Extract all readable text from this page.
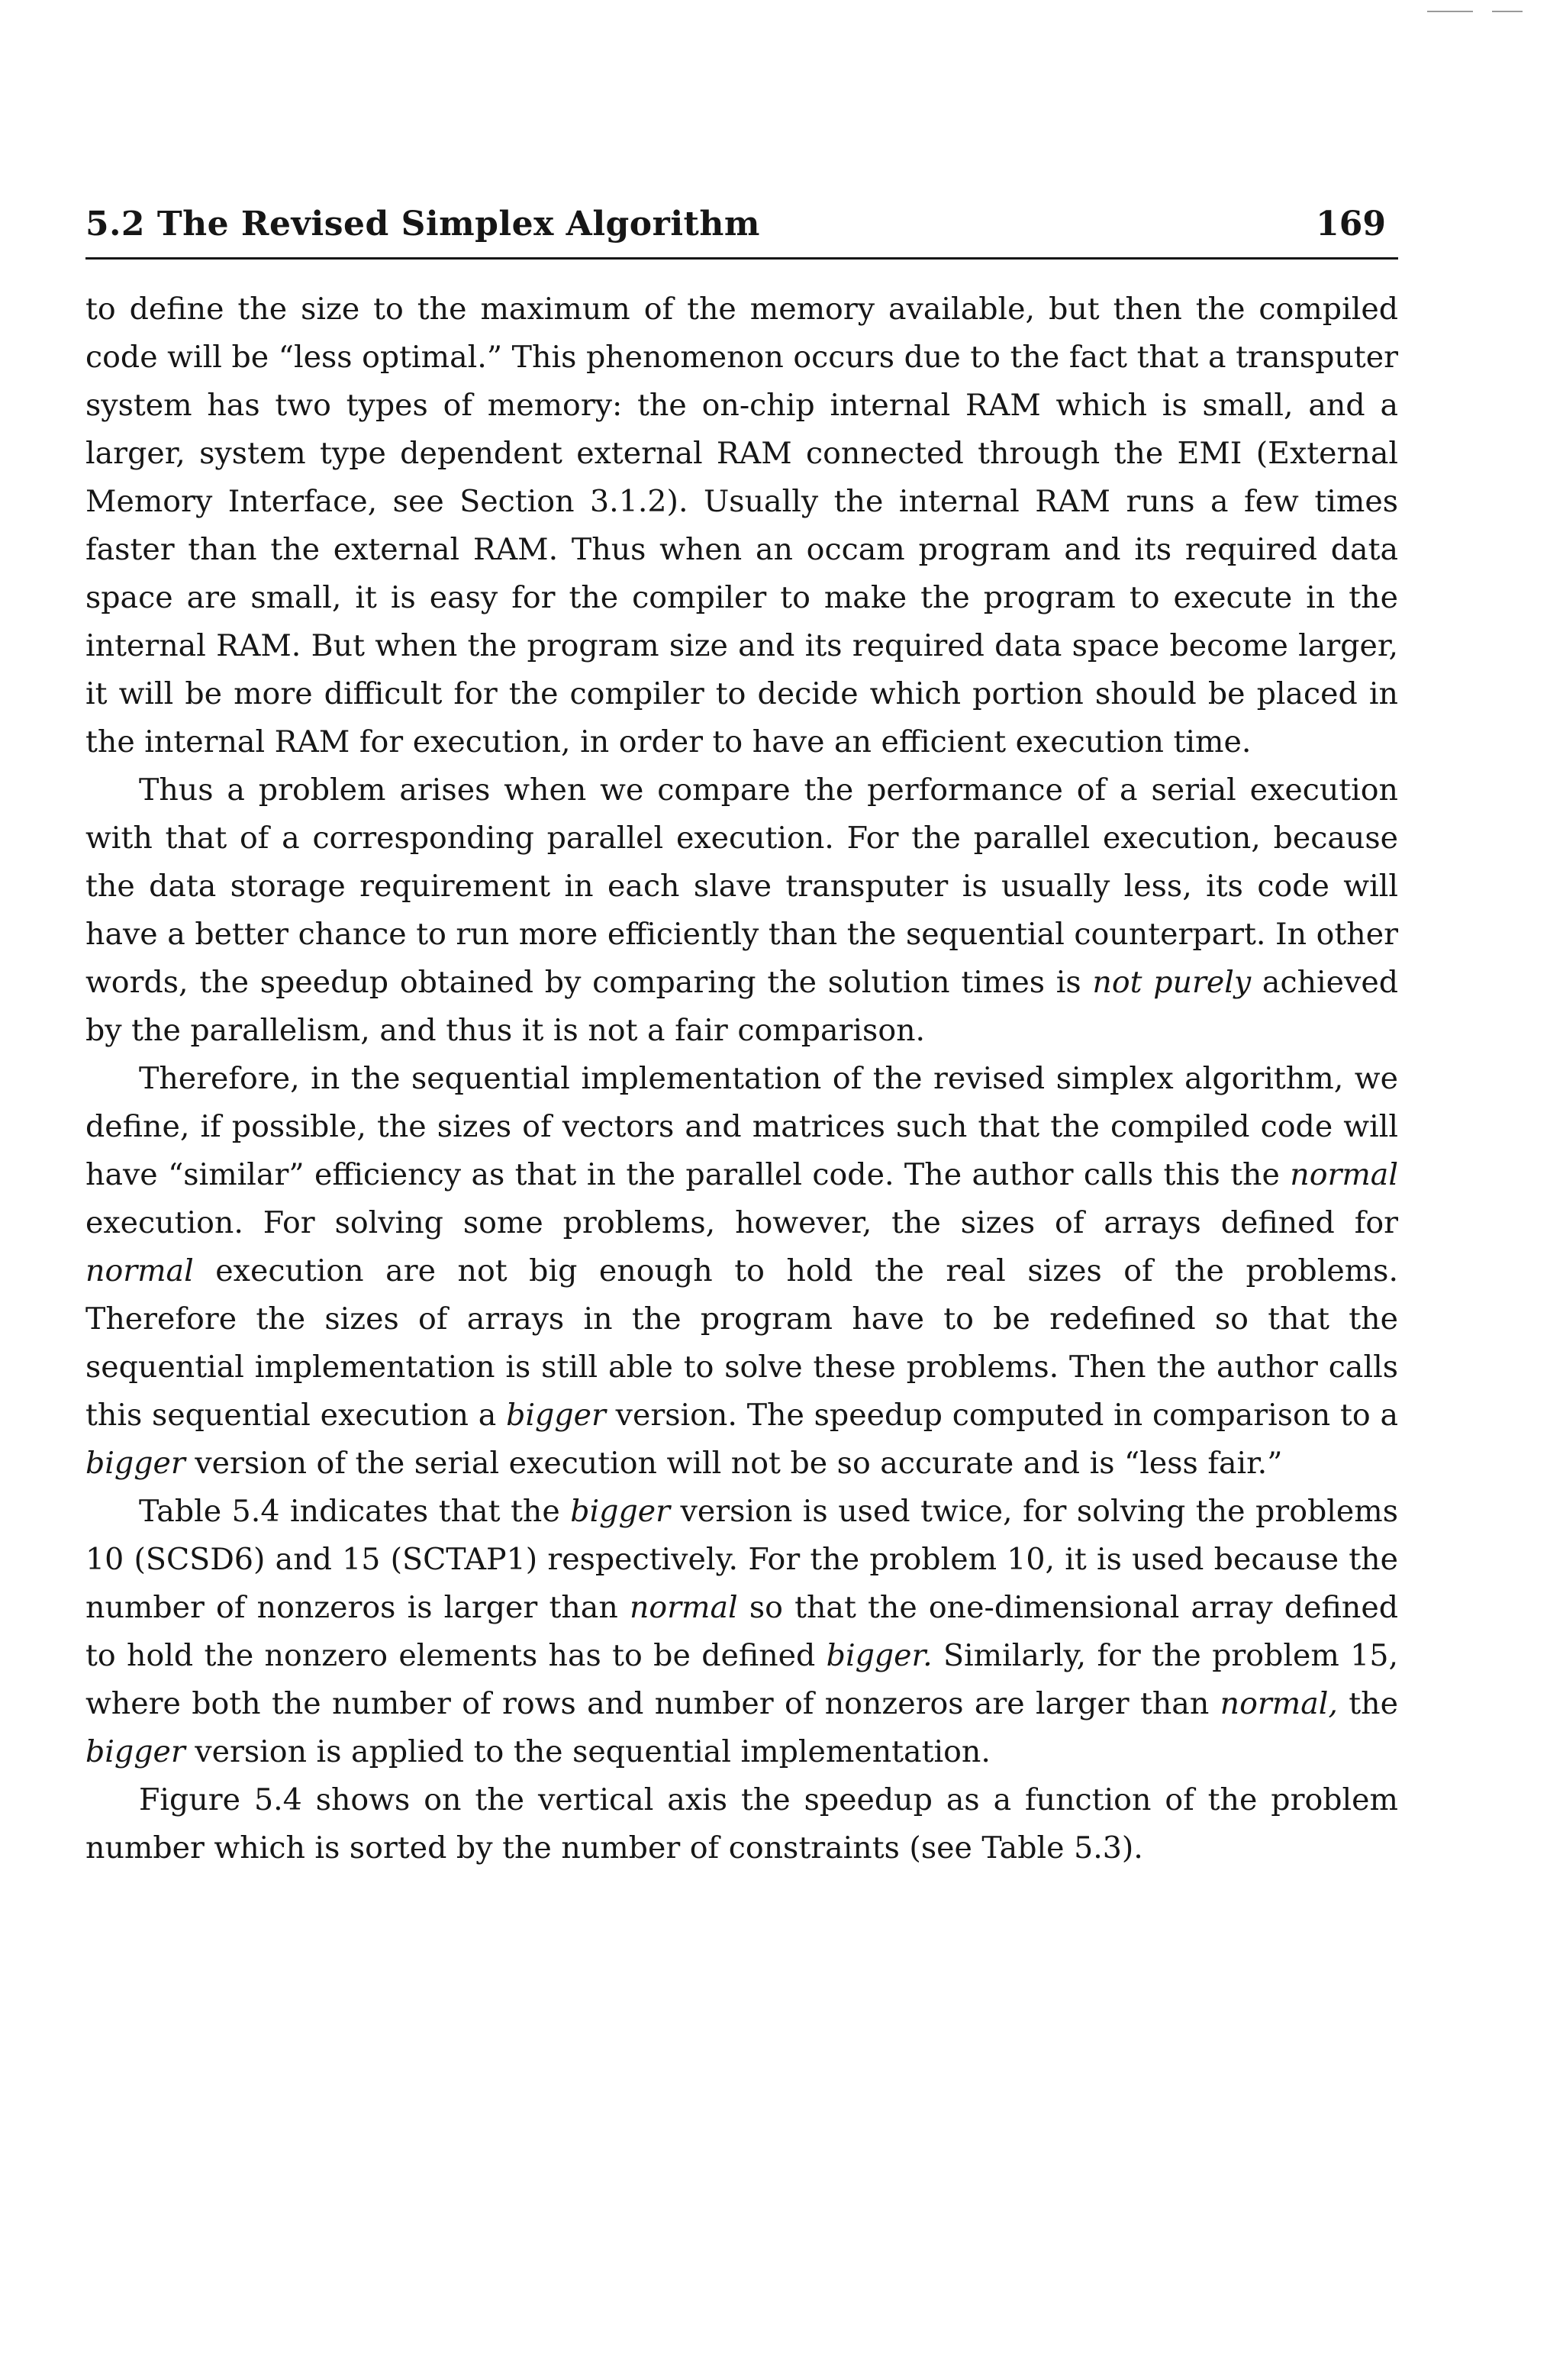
5.2 The Revised Simplex Algorithm	169

to define the size to the maximum of the memory available, but then the compiled code will be “less optimal.” This phenomenon occurs due to the fact that a transputer system has two types of memory: the on-chip internal RAM which is small, and a larger, system type dependent external RAM connected through the EMI (External Memory Interface, see Section 3.1.2). Usually the internal RAM runs a few times faster than the external RAM. Thus when an occam program and its required data space are small, it is easy for the compiler to make the program to execute in the internal RAM. But when the program size and its required data space become larger, it will be more difficult for the compiler to decide which portion should be placed in the internal RAM for execution, in order to have an efficient execution time.

Thus a problem arises when we compare the performance of a serial execution with that of a corresponding parallel execution. For the parallel execution, because the data storage requirement in each slave transputer is usually less, its code will have a better chance to run more efficiently than the sequential counterpart. In other words, the speedup obtained by comparing the solution times is not purely achieved by the parallelism, and thus it is not a fair comparison.

Therefore, in the sequential implementation of the revised simplex algorithm, we define, if possible, the sizes of vectors and matrices such that the compiled code will have “similar” efficiency as that in the parallel code. The author calls this the normal execution. For solving some problems, however, the sizes of arrays defined for normal execution are not big enough to hold the real sizes of the problems. Therefore the sizes of arrays in the program have to be redefined so that the sequential implementation is still able to solve these problems. Then the author calls this sequential execution a bigger version. The speedup computed in comparison to a bigger version of the serial execution will not be so accurate and is “less fair.”

Table 5.4 indicates that the bigger version is used twice, for solving the problems 10 (SCSD6) and 15 (SCTAP1) respectively. For the problem 10, it is used because the number of nonzeros is larger than normal so that the one-dimensional array defined to hold the nonzero elements has to be defined bigger. Similarly, for the problem 15, where both the number of rows and number of nonzeros are larger than normal, the bigger version is applied to the sequential implementation.

Figure 5.4 shows on the vertical axis the speedup as a function of the problem number which is sorted by the number of constraints (see Table 5.3).
